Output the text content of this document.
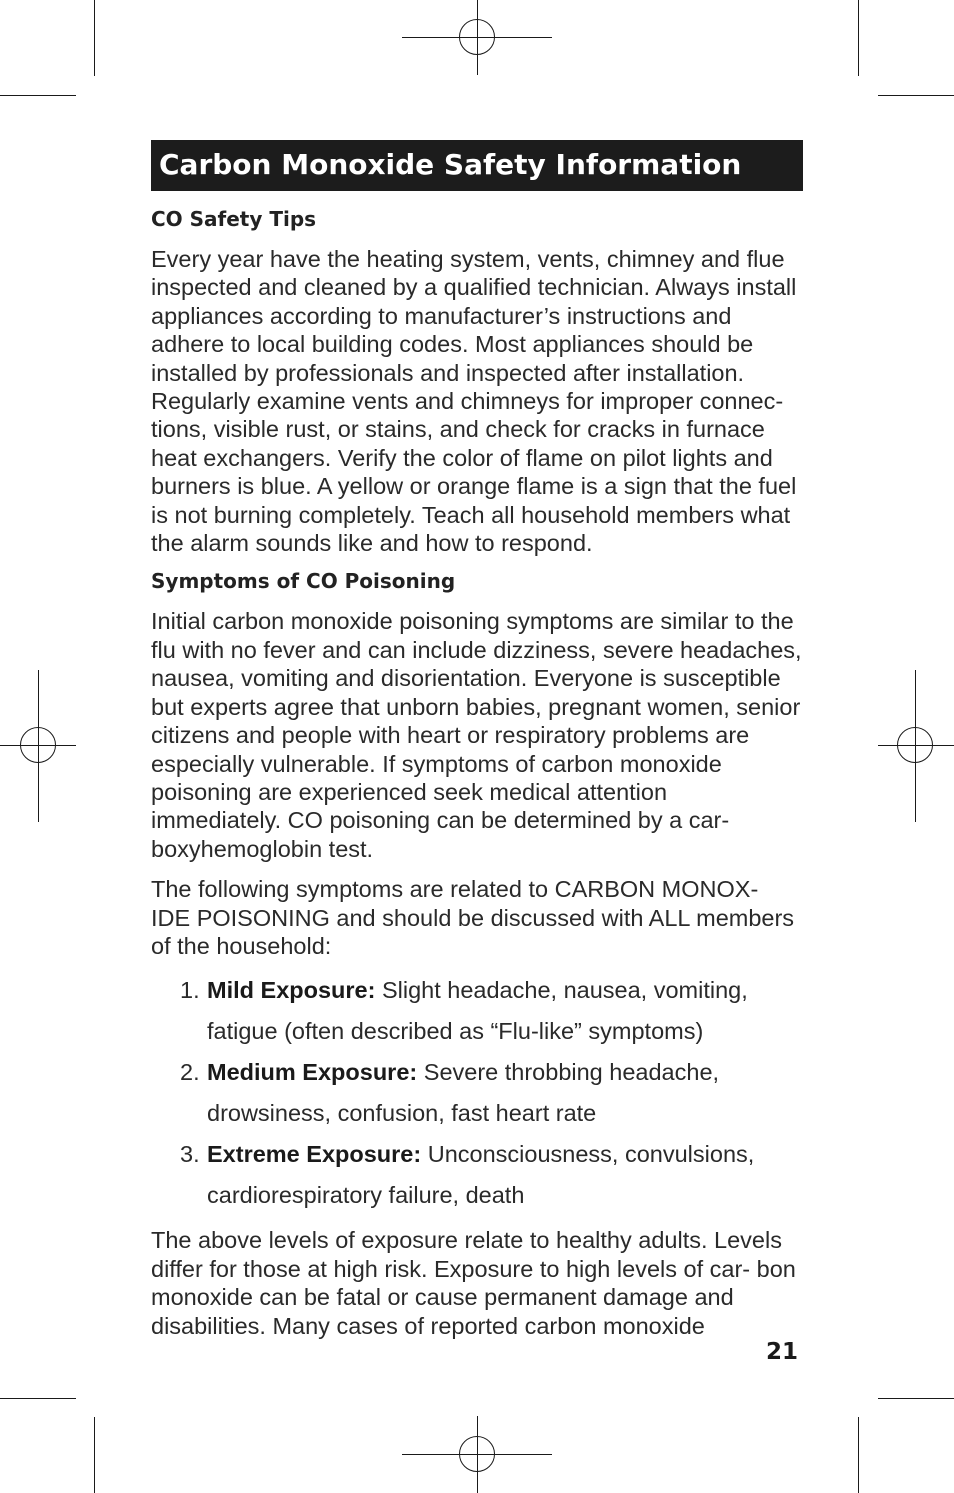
Carbon Monoxide Safety Information
CO Safety Tips

Every year have the heating system, vents, chimney and flue inspected and cleaned by a qualified technician. Always install appliances according to manufacturer’s instructions and adhere to local building codes. Most appliances should be installed by professionals and inspected after installation. Regularly examine vents and chimneys for improper connec- tions, visible rust, or stains, and check for cracks in furnace heat exchangers. Verify the color of flame on pilot lights and burners is blue. A yellow or orange flame is a sign that the fuel is not burning completely. Teach all household members what the alarm sounds like and how to respond.

Symptoms of CO Poisoning

Initial carbon monoxide poisoning symptoms are similar to the flu with no fever and can include dizziness, severe headaches, nausea, vomiting and disorientation. Everyone is susceptible but experts agree that unborn babies, pregnant women, senior citizens and people with heart or respiratory problems are especially vulnerable. If symptoms of carbon monoxide poisoning are experienced seek medical attention immediately. CO poisoning can be determined by a car- boxyhemoglobin test.

The following symptoms are related to CARBON MONOX- IDE POISONING and should be discussed with ALL members of the household:

1. Mild Exposure: Slight headache, nausea, vomiting,
fatigue (often described as “Flu-like” symptoms)
2. Medium Exposure: Severe throbbing headache,
drowsiness, confusion, fast heart rate
3. Extreme Exposure: Unconsciousness, convulsions,
cardiorespiratory failure, death

The above levels of exposure relate to healthy adults. Levels differ for those at high risk. Exposure to high levels of car- bon monoxide can be fatal or cause permanent damage and disabilities. Many cases of reported carbon monoxide

21
